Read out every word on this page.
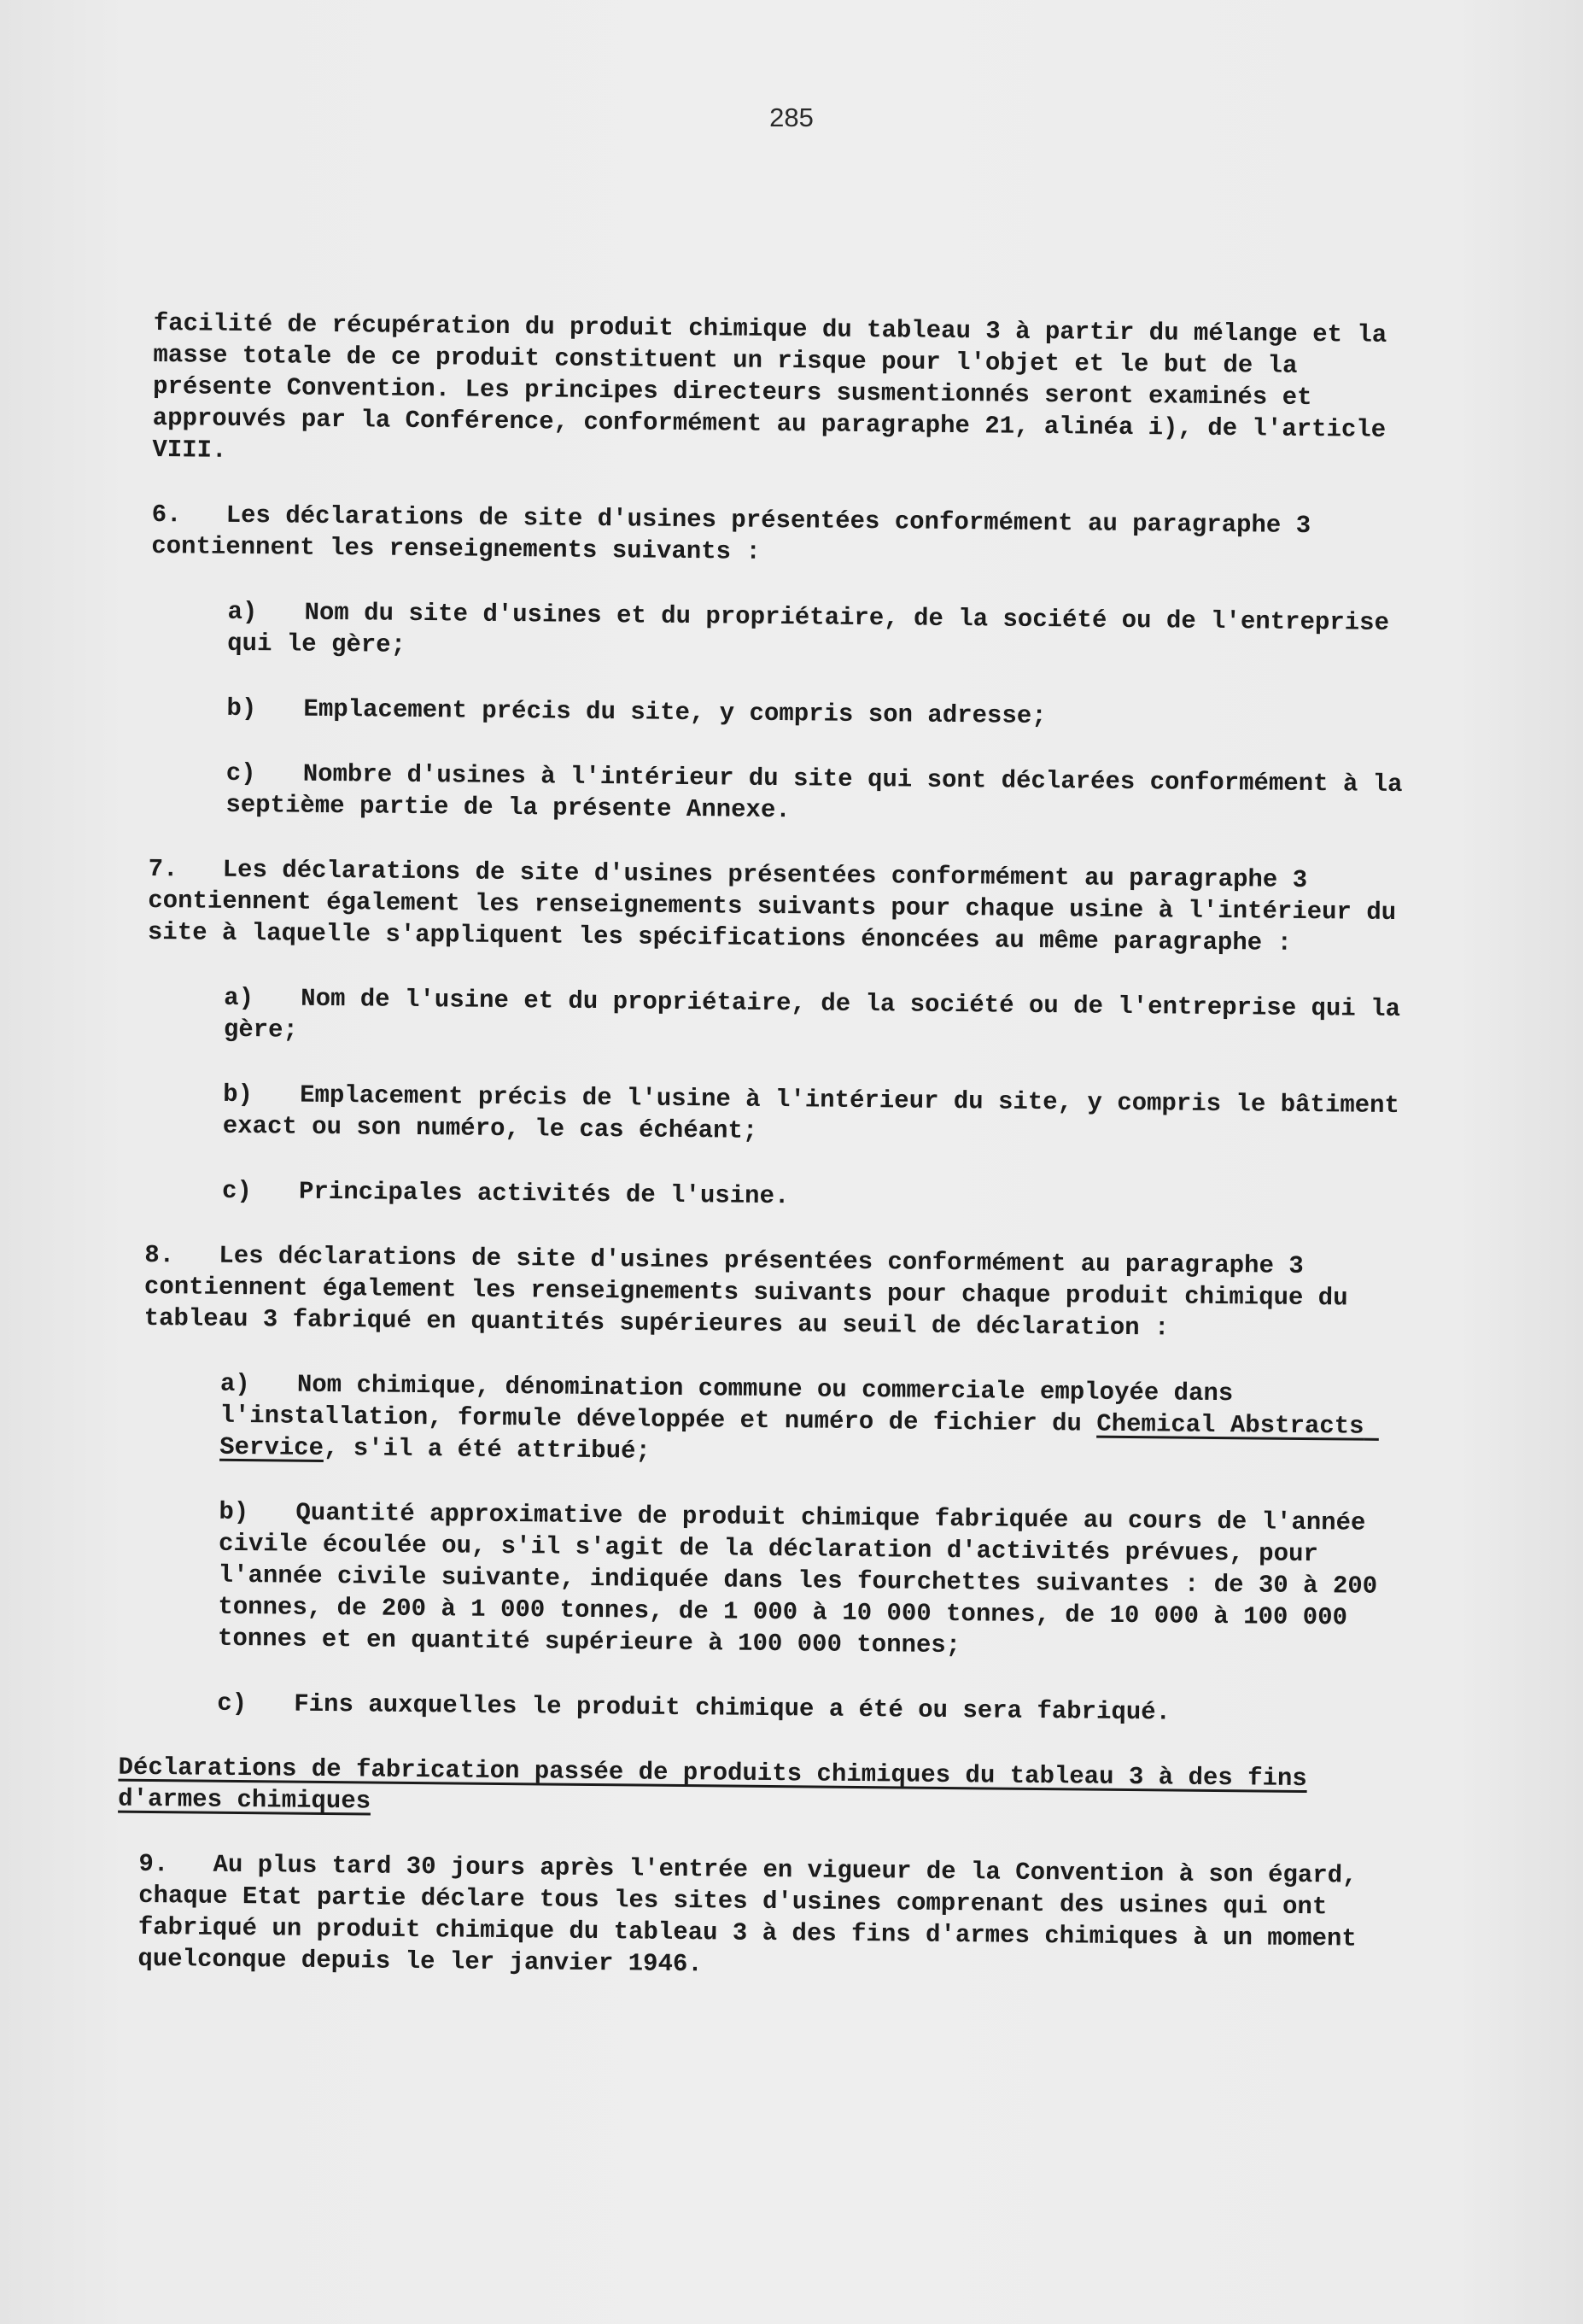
285
facilité de récupération du produit chimique du tableau 3 à partir du mélange et la masse totale de ce produit constituent un risque pour l'objet et le but de la présente Convention. Les principes directeurs susmentionnés seront examinés et approuvés par la Conférence, conformément au paragraphe 21, alinéa i), de l'article VIII.
6. Les déclarations de site d'usines présentées conformément au paragraphe 3 contiennent les renseignements suivants :
a) Nom du site d'usines et du propriétaire, de la société ou de l'entreprise qui le gère;
b) Emplacement précis du site, y compris son adresse;
c) Nombre d'usines à l'intérieur du site qui sont déclarées conformément à la septième partie de la présente Annexe.
7. Les déclarations de site d'usines présentées conformément au paragraphe 3 contiennent également les renseignements suivants pour chaque usine à l'intérieur du site à laquelle s'appliquent les spécifications énoncées au même paragraphe :
a) Nom de l'usine et du propriétaire, de la société ou de l'entreprise qui la gère;
b) Emplacement précis de l'usine à l'intérieur du site, y compris le bâtiment exact ou son numéro, le cas échéant;
c) Principales activités de l'usine.
8. Les déclarations de site d'usines présentées conformément au paragraphe 3 contiennent également les renseignements suivants pour chaque produit chimique du tableau 3 fabriqué en quantités supérieures au seuil de déclaration :
a) Nom chimique, dénomination commune ou commerciale employée dans l'installation, formule développée et numéro de fichier du Chemical Abstracts Service, s'il a été attribué;
b) Quantité approximative de produit chimique fabriquée au cours de l'année civile écoulée ou, s'il s'agit de la déclaration d'activités prévues, pour l'année civile suivante, indiquée dans les fourchettes suivantes : de 30 à 200 tonnes, de 200 à 1 000 tonnes, de 1 000 à 10 000 tonnes, de 10 000 à 100 000 tonnes et en quantité supérieure à 100 000 tonnes;
c) Fins auxquelles le produit chimique a été ou sera fabriqué.
Déclarations de fabrication passée de produits chimiques du tableau 3 à des fins d'armes chimiques
9. Au plus tard 30 jours après l'entrée en vigueur de la Convention à son égard, chaque Etat partie déclare tous les sites d'usines comprenant des usines qui ont fabriqué un produit chimique du tableau 3 à des fins d'armes chimiques à un moment quelconque depuis le ler janvier 1946.
